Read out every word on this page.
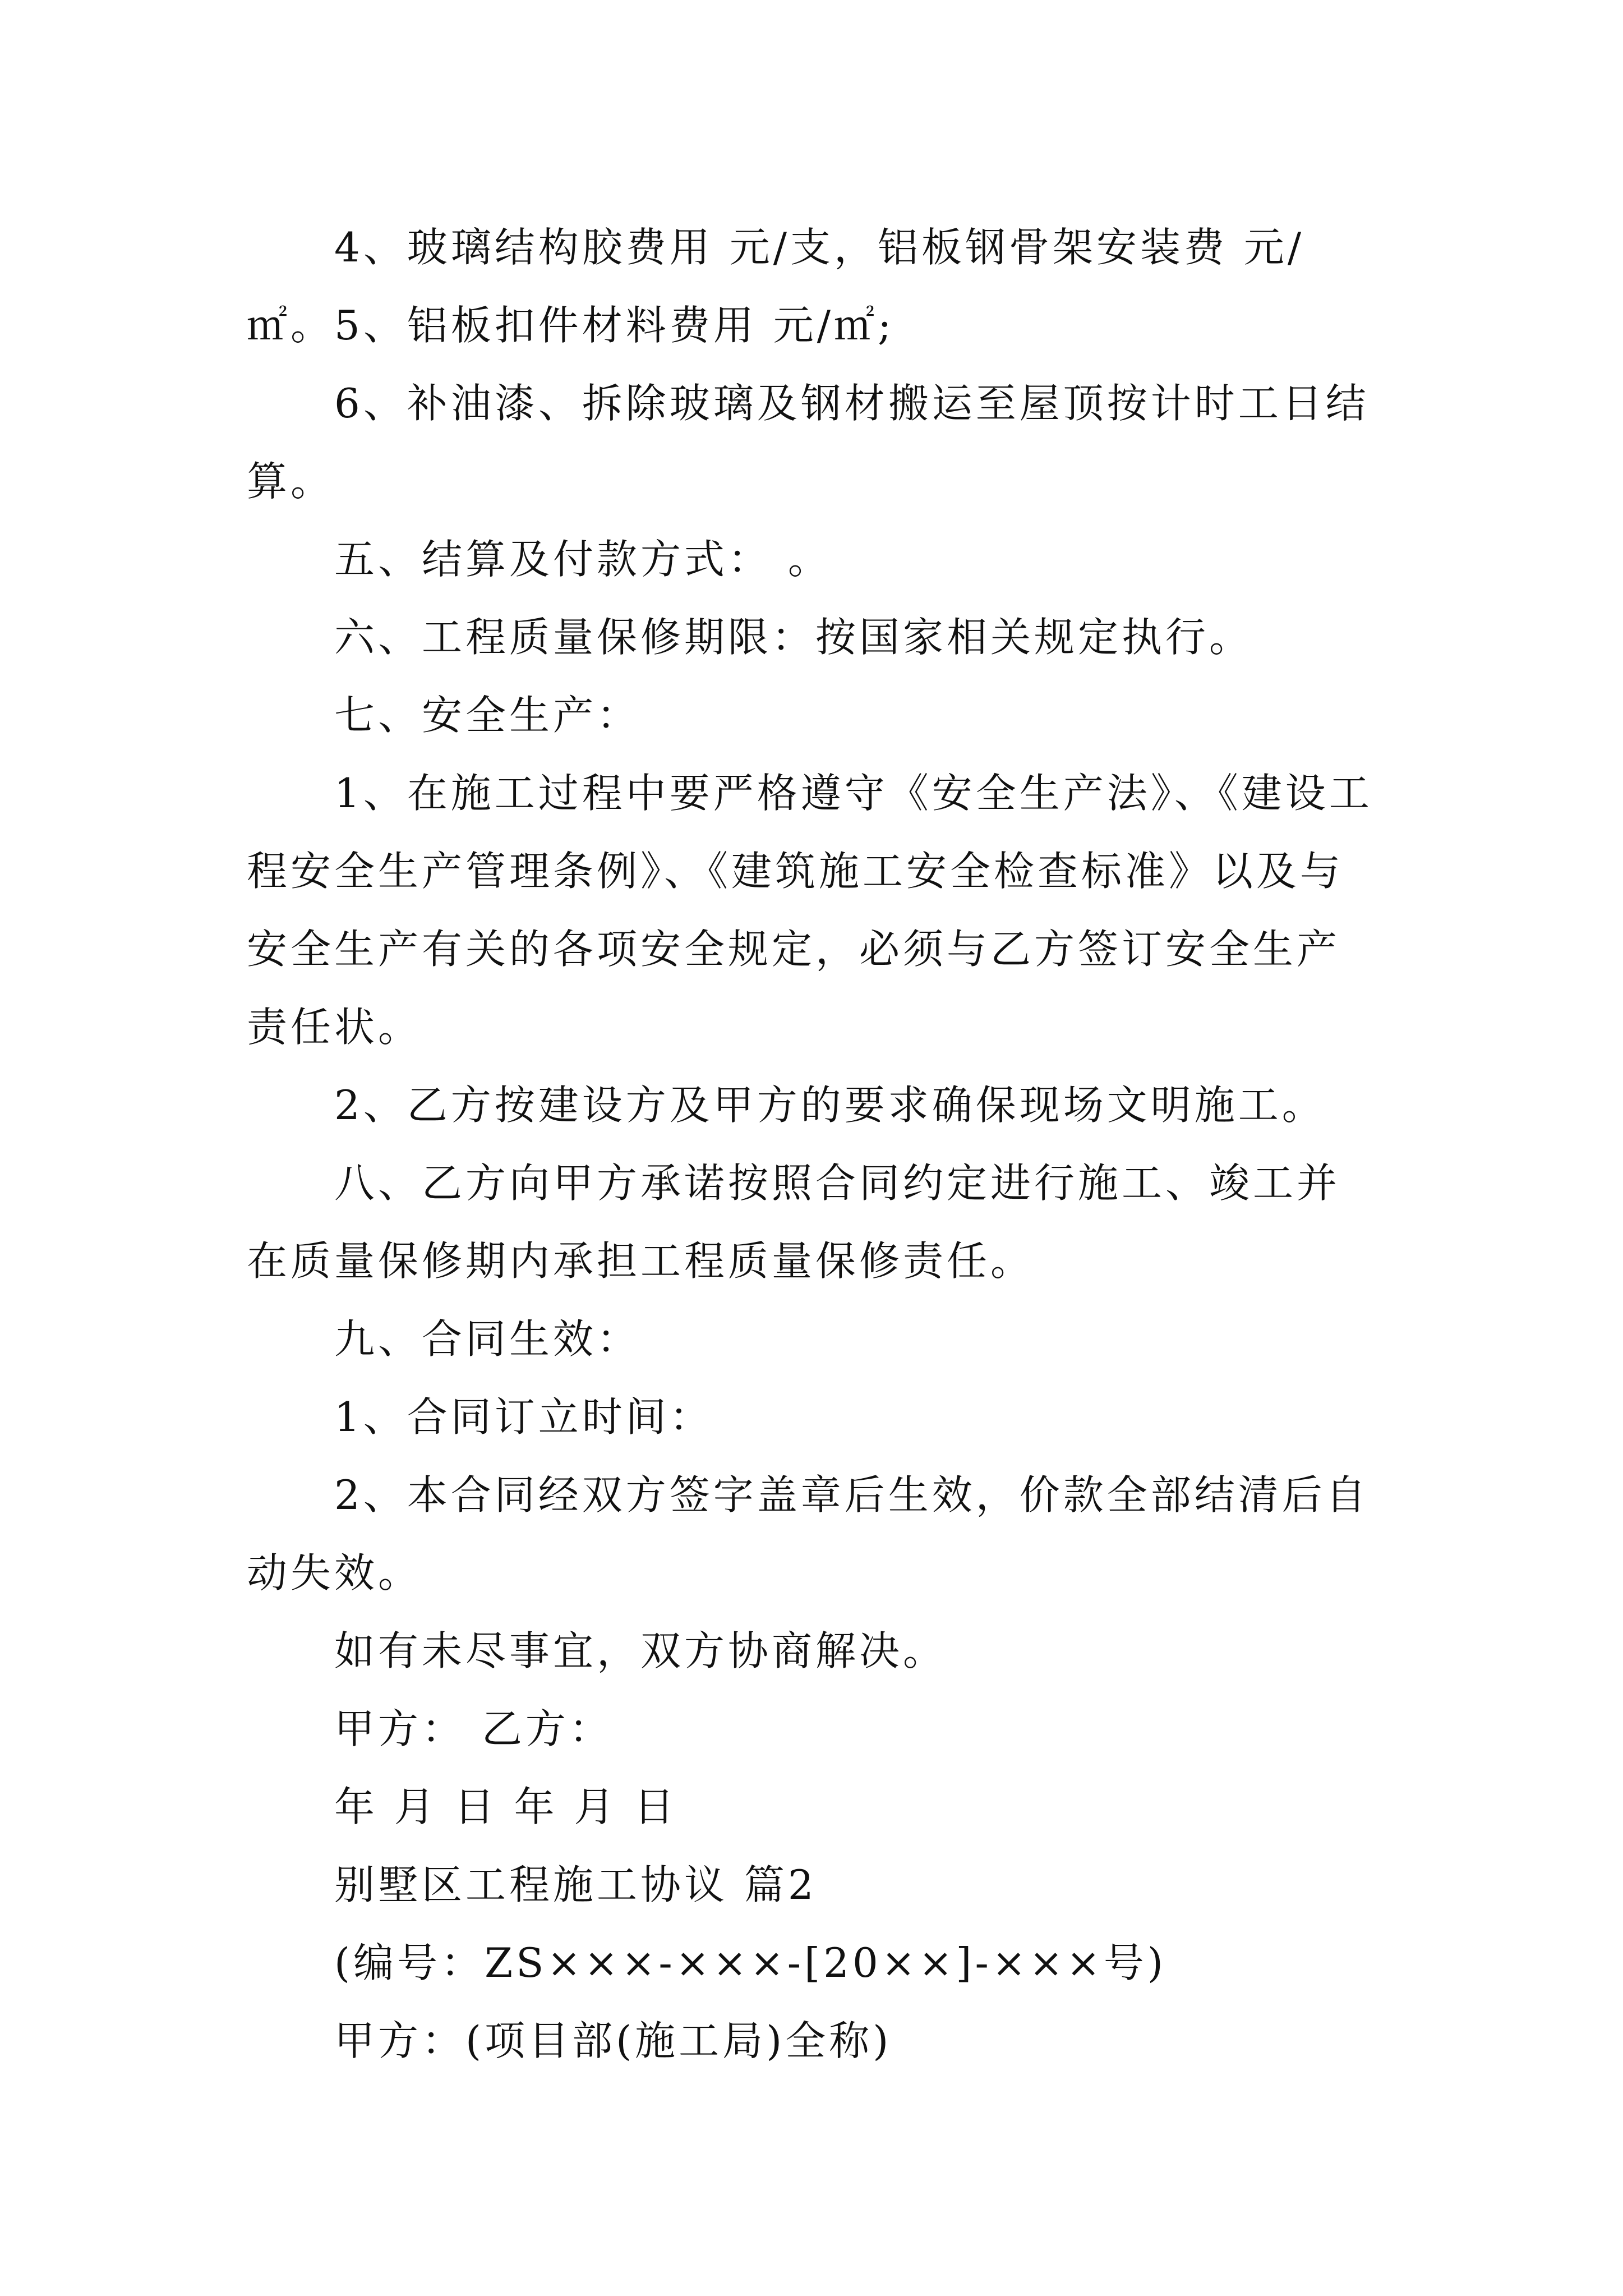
4、玻璃结构胶费用 元/支，铝板钢骨架安装费 元/㎡。 5、铝板扣件材料费用 元/㎡;

6、补油漆、拆除玻璃及钢材搬运至屋顶按计时工日结算。

五、结算及付款方式： 。

六、工程质量保修期限：按国家相关规定执行。

七、安全生产：

1、在施工过程中要严格遵守《安全生产法》、《建设工程安全生产管理条例》、《建筑施工安全检查标准》以及与安全生产有关的各项安全规定，必须与乙方签订安全生产责任状。

2、乙方按建设方及甲方的要求确保现场文明施工。

八、乙方向甲方承诺按照合同约定进行施工、竣工并在质量保修期内承担工程质量保修责任。

九、合同生效：

1、合同订立时间：

2、本合同经双方签字盖章后生效，价款全部结清后自动失效。

如有未尽事宜，双方协商解决。

甲方： 乙方：

年 月 日 年 月 日

别墅区工程施工协议 篇2

(编号：ZS×××-×××-[20××]-×××号)

甲方：(项目部(施工局)全称)
